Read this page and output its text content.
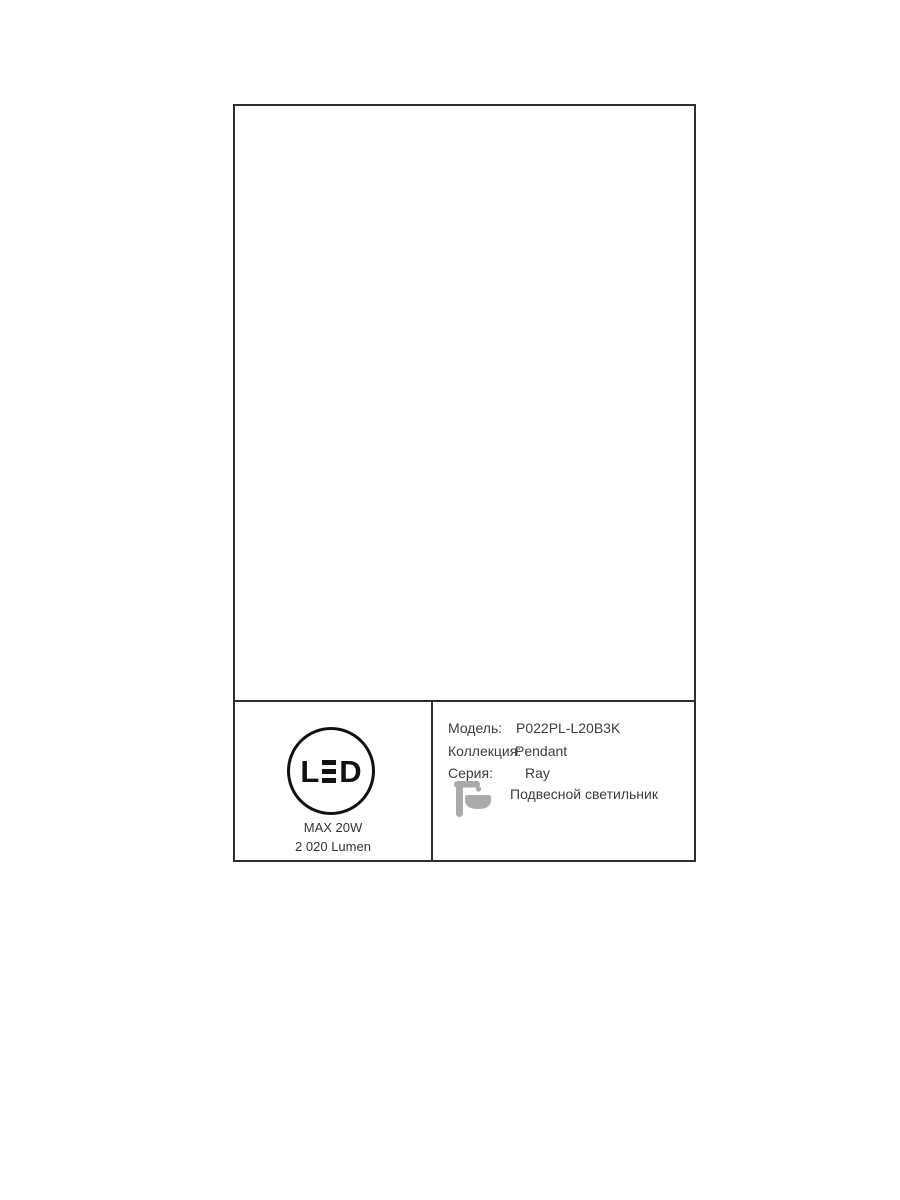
L D
MAX 20W
2 020 Lumen
Модель: P022PL-L20B3K
Коллекция:
Pendant
Серия: Ray
Подвесной светильник
